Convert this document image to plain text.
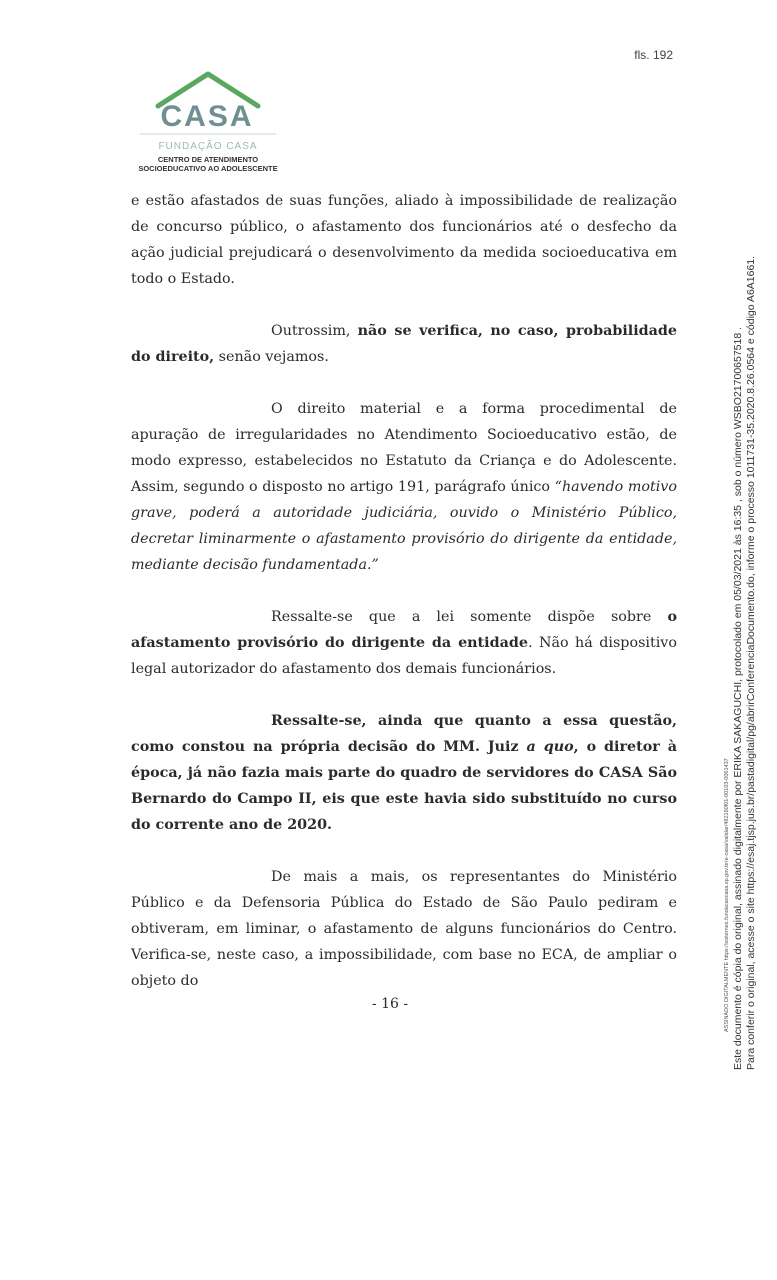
fls. 192
CASA
FUNDAÇÃO CASA
CENTRO DE ATENDIMENTO
SOCIOEDUCATIVO AO ADOLESCENTE

e estão afastados de suas funções, aliado à impossibilidade de realização de concurso público, o afastamento dos funcionários até o desfecho da ação judicial prejudicará o desenvolvimento da medida socioeducativa em todo o Estado.

Outrossim, não se verifica, no caso, probabilidade do direito, senão vejamos.

O direito material e a forma procedimental de apuração de irregularidades no Atendimento Socioeducativo estão, de modo expresso, estabelecidos no Estatuto da Criança e do Adolescente. Assim, segundo o disposto no artigo 191, parágrafo único “havendo motivo grave, poderá a autoridade judiciária, ouvido o Ministério Público, decretar liminarmente o afastamento provisório do dirigente da entidade, mediante decisão fundamentada.”

Ressalte-se que a lei somente dispõe sobre o afastamento provisório do dirigente da entidade. Não há dispositivo legal autorizador do afastamento dos demais funcionários.

Ressalte-se, ainda que quanto a essa questão, como constou na própria decisão do MM. Juiz a quo, o diretor à época, já não fazia mais parte do quadro de servidores do CASA São Bernardo do Campo II, eis que este havia sido substituído no curso do corrente ano de 2020.

De mais a mais, os representantes do Ministério Público e da Defensoria Pública do Estado de São Paulo pediram e obtiveram, em liminar, o afastamento de alguns funcionários do Centro. Verifica-se, neste caso, a impossibilidade, com base no ECA, de ampliar o objeto do

- 16 -	ASSINADO DIGITALMENTE https://esiternes.fundacaocasa.sp.gov.br/e-casa/validar/482160f01-00103-0061437 Este documento é cópia do original, assinado digitalmente por ERIKA SAKAGUCHI, protocolado em 05/03/2021 às 16:35 , sob o número WSBO2170065751​8 . Para conferir o original, acesse o site https://esaj.tjsp.jus.br/pastadigital/pg/abrirConferenciaDocumento.do, informe o processo 1011731-35.2020.8.26.0564 e código A6A1661.
